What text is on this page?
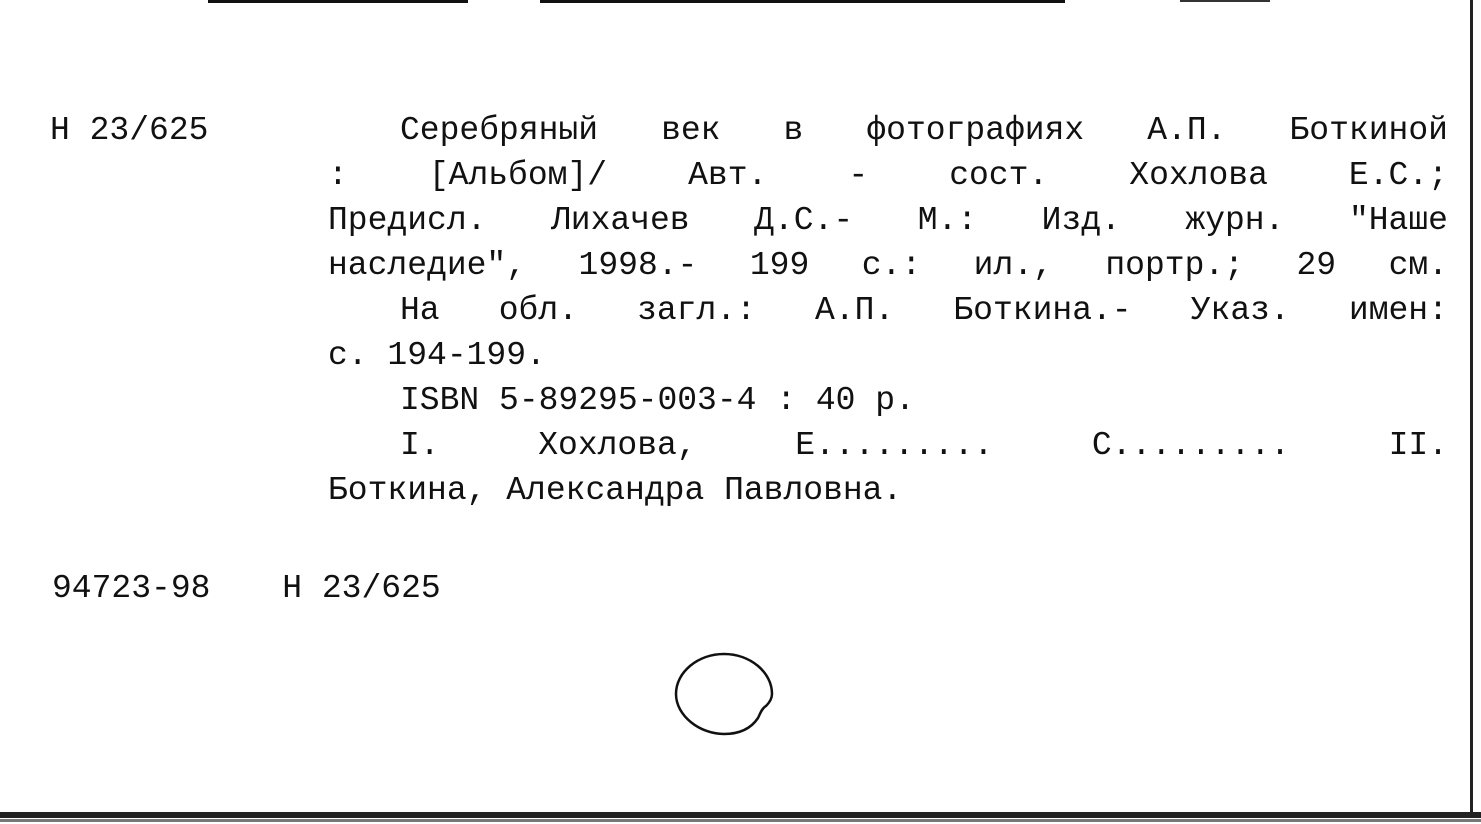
Н 23/625	Серебряный век в фотографиях А.П. Боткиной
: [Альбом]/ Авт. - сост. Хохлова Е.С.;
Предисл. Лихачев Д.С.- М.: Изд. журн. "Наше
наследие", 1998.- 199 с.: ил., портр.; 29 см.
На обл. загл.: А.П. Боткина.- Указ. имен:
с. 194-199.
ISBN 5-89295-003-4 : 40 р.
I.	Хохлова,	Е.........	С.........	II.
Боткина, Александра Павловна.
94723-98 Н 23/625
